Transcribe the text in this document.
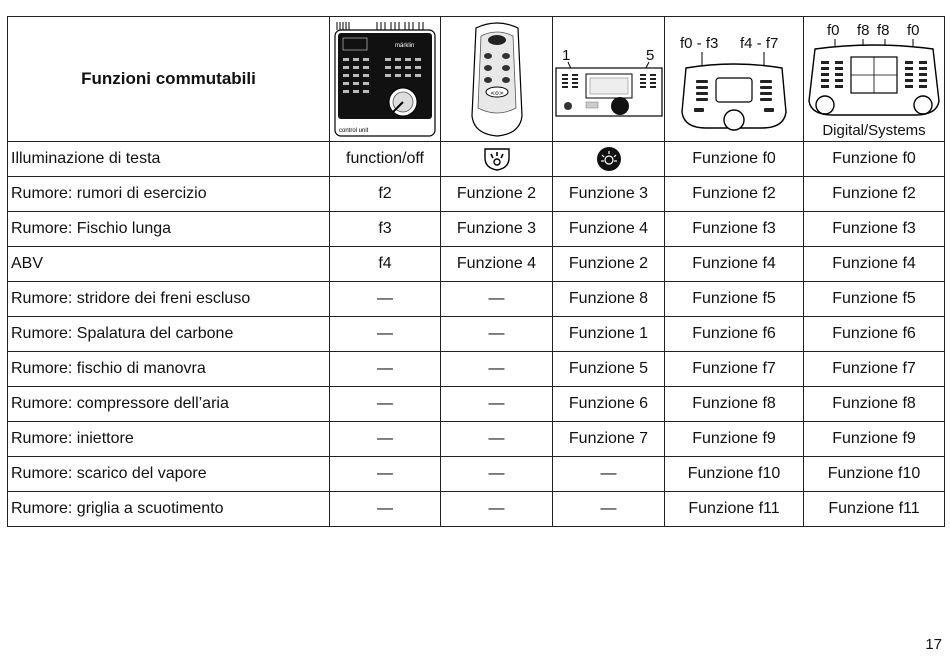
Funzioni commutabili	märklin
control unit	<o>	1 5	f0 - f3 f4 - f7	f0 f8 f8 f0
Digital/Systems

Illuminazione di testa	function/off			Funzione f0	Funzione f0
Rumore: rumori di esercizio	f2	Funzione 2	Funzione 3	Funzione f2	Funzione f2
Rumore: Fischio lunga	f3	Funzione 3	Funzione 4	Funzione f3	Funzione f3
ABV	f4	Funzione 4	Funzione 2	Funzione f4	Funzione f4
Rumore: stridore dei freni escluso	—	—	Funzione 8	Funzione f5	Funzione f5
Rumore: Spalatura del carbone	—	—	Funzione 1	Funzione f6	Funzione f6
Rumore: fischio di manovra	—	—	Funzione 5	Funzione f7	Funzione f7
Rumore: compressore dell’aria	—	—	Funzione 6	Funzione f8	Funzione f8
Rumore: iniettore	—	—	Funzione 7	Funzione f9	Funzione f9
Rumore: scarico del vapore	—	—	—	Funzione f10	Funzione f10
Rumore: griglia a scuotimento	—	—	—	Funzione f11	Funzione f11
17
